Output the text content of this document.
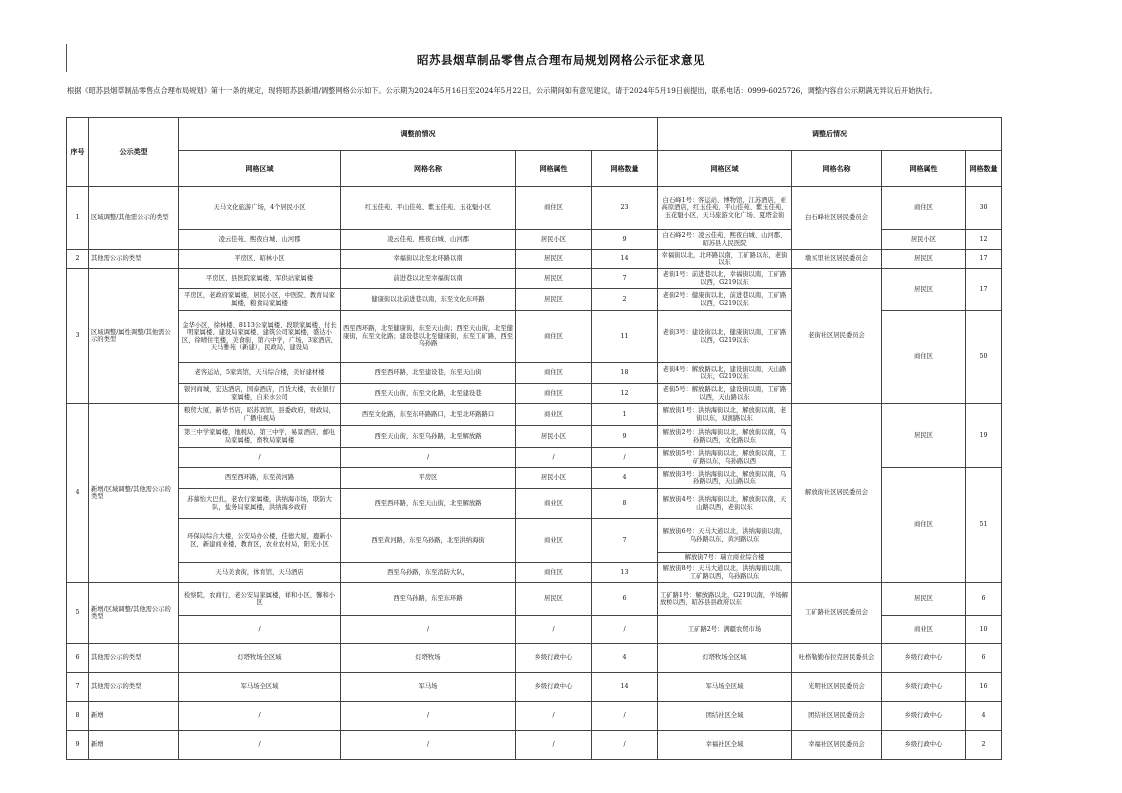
昭苏县烟草制品零售点合理布局规划网格公示征求意见
根据《昭苏县烟草制品零售点合理布局规划》第十一条的规定，现将昭苏县新增/调整网格公示如下。公示期为2024年5月16日至2024年5月22日，公示期间如有意见建议，请于2024年5月19日前提出，联系电话：0999-6025726，调整内容自公示期满无异议后开始执行。
序号	公示类型	调整前情况				调整后情况			
		网格区域	网格名称	网格属性	网格数量	网格区域	网格名称	网格属性	网格数量
1	区域调整/其他需公示的类型	天马文化旅游广场，4个居民小区	红玉佳苑、平山佳苑、紫玉佳苑、玉花魁小区	商住区	23	白石峰1号：客运站、博物馆，江苏酒店，亚高原酒店，红玉佳苑、平山佳苑、紫玉佳苑、玉花魁小区、天马旅游文化广场、夏塔金街	白石峰社区居民委员会	商住区	30
		凌云佳苑、熙夜白城、山河郡	凌云佳苑、熙夜白城、山河郡	居民小区	9	白石峰2号：凌云佳苑、熙夜白城、山河郡、昭苏县人民医院		居民小区	12
2	其他需公示的类型	平房区、昭林小区	幸福街以北至北环路以南	居民区	14	幸福街以北，北环路以南，工矿路以东，老街以东	墩买里社区居民委员会	居民区	17
3	区域调整/属性调整/其他需公示的类型	平房区、县医院家属楼、军供站家属楼	前进巷以北至幸福街以南	居民区	7	老街1号：前进巷以北，幸福街以南，工矿路以西，G219以东	老街社区居民委员会	居民区	17
		平房区，老政府家属楼，居民小区，中医院、教育局家属楼，粮食局家属楼	健康街以北前进巷以南，东至文化东环路	居民区	2	老街2号：健康街以北，前进巷以南，工矿路以西，G219以东			
		金华小区、徐林楼、8113公家属楼、段联家属楼、付长明家属楼、建设局家属楼、建筑公司家属楼，盛达小区，徐晴住宅楼，美食街，第六中学，广场，3家酒店，天马雅苑（新建），民政局，建设局	西至西环路，北至健康街，东至天山街；西至天山街，北至健康街，东至文化路；建设巷以北至健康街，东至工矿路，西至乌孙路	商住区	11	老街3号：建设街以北，健康街以南，工矿路以西，G219以东		商住区	50
		老客运站，5家宾馆，天马综合楼，美好建材楼	西至西环路，北至建设巷，东至天山街	商住区	18	老街4号：解放路以北，建设街以南，天山路以东，G219以东			
		银河商城，宏达酒店，国泰酒店，百货大楼，农业银行家属楼，自来水公司	西至天山街，东至文化路，北至建设巷	商住区	12	老街5号：解放路以北，建设街以南，工矿路以西，天山路以东			
4	新增/区域调整/其他需公示的类型	粮贸大厦，新华书店，昭苏宾馆，县委政府，财政局，广播电视局	西至文化路，东至东环路路口，北至北环路路口	商业区	1	解放街1号：洪纳海街以北，解放街以南，老街以东，双拥路以东	解放街社区居民委员会	居民区	19
		第三中学家属楼，地税局，第三中学，易景酒店，邮电局家属楼，畜牧局家属楼	西至天山街，东至乌孙路，北至解放路	居民小区	9	解放街2号：洪纳海街以北，解放街以南，乌孙路以西，文化路以东			
		/	/	/	/	解放街5号：洪纳海街以北，解放街以南，工矿路以东，乌孙路以西			
		西至西环路，东至黄河路	平房区	居民小区	4	解放街3号：洪纳海街以北，解放街以南，乌孙路以西，天山路以东		商住区	51
		苏慕怡大巴扎，老农行家属楼，洪纳海市场，联防大队，盐务局家属楼，洪纳海乡政府	西至西环路，东至天山街，北至解放路	商业区	8	解放街4号：洪纳海街以北，解放街以南，天山路以西，老街以东			
		环保局综合大楼，公安局办公楼，佳德大厦，鹿新小区，新建商业楼，教育区，农业农村局，阳光小区	西至黄河路，东至乌孙路，北至洪纳海街	商业区	7	解放街6号：天马大道以北，洪纳海街以南，乌孙路以东，黄河路以东			
						解放街7号：瑞立商业综合楼			
		天马美食街，体育馆，天马酒店	西至乌孙路，东至消防大队，	商住区	13	解放街8号：天马大道以北，洪纳海街以南，工矿路以西，乌孙路以东			
5	新增/区域调整/其他需公示的类型	检察院，农商行，老公安局家属楼，祥和小区，馨和小区	西至乌孙路，东至东环路	居民区	6	工矿路1号：解放路以北，G219以南，羊场解放桥以西，昭苏县县政府以东	工矿路社区居民委员会	居民区	6
		/	/	/	/	工矿路2号：满疆农贸市场		商业区	10
6	其他需公示的类型	灯塔牧场全区域	灯塔牧场	乡级行政中心	4	灯塔牧场全区域	吐格勒勤布拉克居民委员会	乡级行政中心	6
7	其他需公示的类型	军马场全区域	军马场	乡级行政中心	14	军马场全区域	光明社区居民委员会	乡级行政中心	16
8	新增	/	/	/	/	团结社区全域	团结社区居民委员会	乡级行政中心	4
9	新增	/	/	/	/	幸福社区全域	幸福社区居民委员会	乡级行政中心	2
